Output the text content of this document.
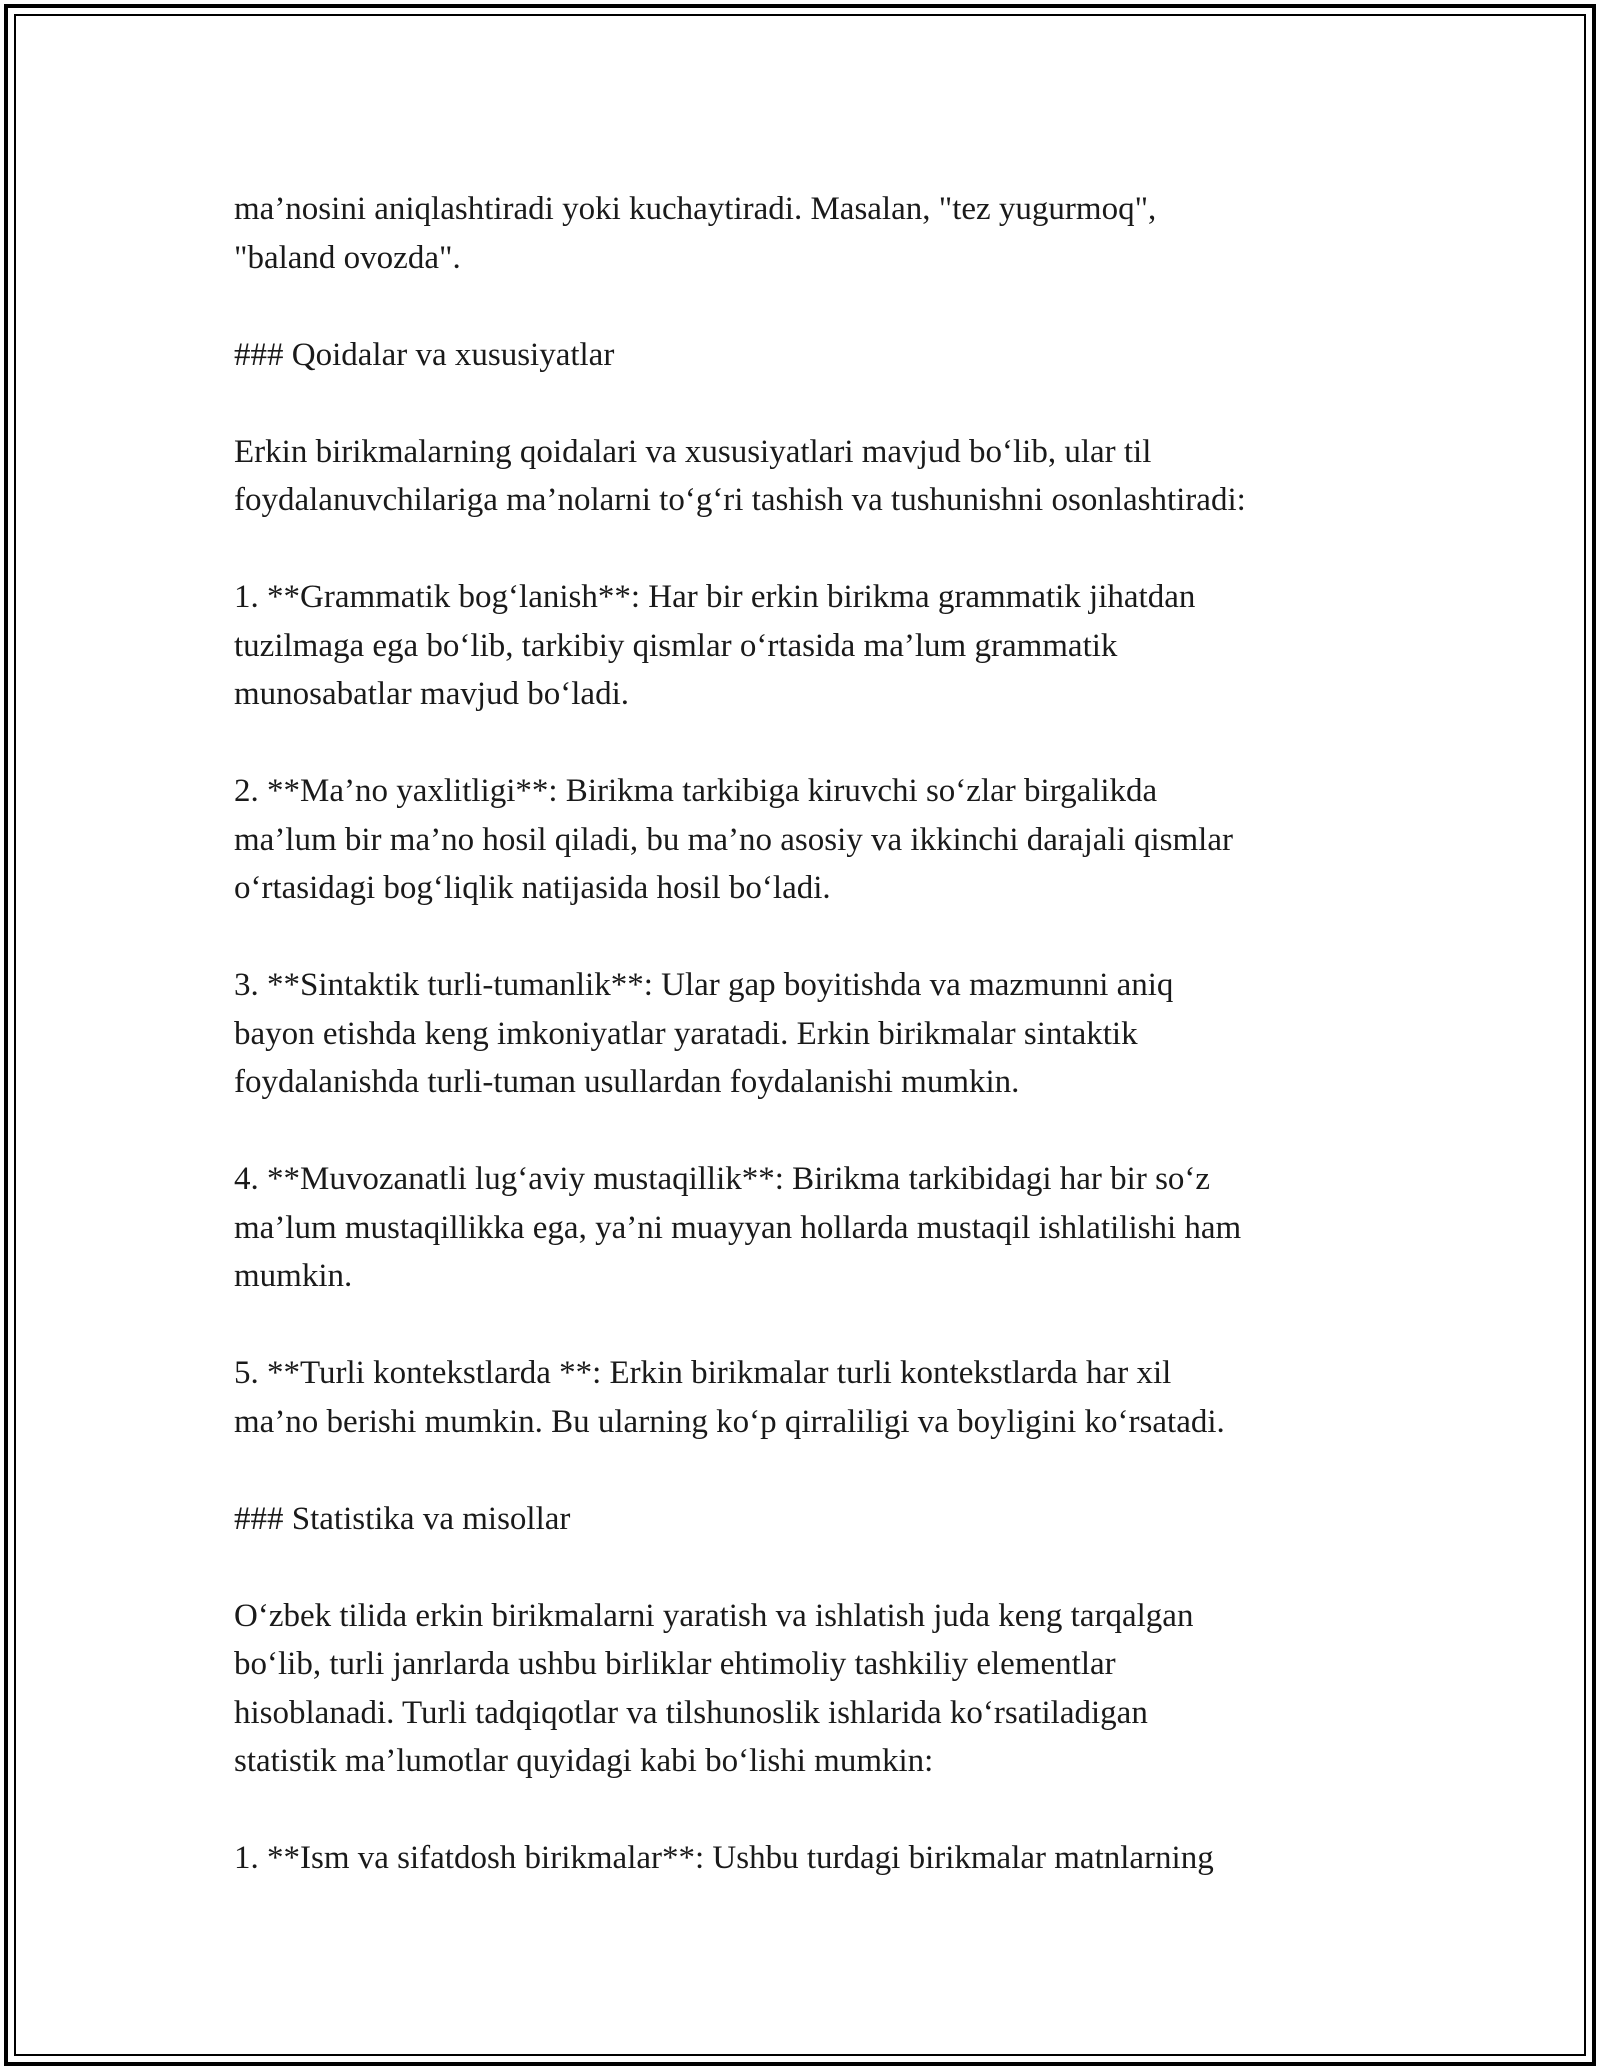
ma’nosini aniqlashtiradi yoki kuchaytiradi. Masalan, "tez yugurmoq",
"baland ovozda".

### Qoidalar va xususiyatlar

Erkin birikmalarning qoidalari va xususiyatlari mavjud bo‘lib, ular til
foydalanuvchilariga ma’nolarni to‘g‘ri tashish va tushunishni osonlashtiradi:

1. **Grammatik bog‘lanish**: Har bir erkin birikma grammatik jihatdan
tuzilmaga ega bo‘lib, tarkibiy qismlar o‘rtasida ma’lum grammatik
munosabatlar mavjud bo‘ladi.

2. **Ma’no yaxlitligi**: Birikma tarkibiga kiruvchi so‘zlar birgalikda
ma’lum bir ma’no hosil qiladi, bu ma’no asosiy va ikkinchi darajali qismlar
o‘rtasidagi bog‘liqlik natijasida hosil bo‘ladi.

3. **Sintaktik turli-tumanlik**: Ular gap boyitishda va mazmunni aniq
bayon etishda keng imkoniyatlar yaratadi. Erkin birikmalar sintaktik
foydalanishda turli-tuman usullardan foydalanishi mumkin.

4. **Muvozanatli lug‘aviy mustaqillik**: Birikma tarkibidagi har bir so‘z
ma’lum mustaqillikka ega, ya’ni muayyan hollarda mustaqil ishlatilishi ham
mumkin.

5. **Turli kontekstlarda **: Erkin birikmalar turli kontekstlarda har xil
ma’no berishi mumkin. Bu ularning ko‘p qirraliligi va boyligini ko‘rsatadi.

### Statistika va misollar

O‘zbek tilida erkin birikmalarni yaratish va ishlatish juda keng tarqalgan
bo‘lib, turli janrlarda ushbu birliklar ehtimoliy tashkiliy elementlar
hisoblanadi. Turli tadqiqotlar va tilshunoslik ishlarida ko‘rsatiladigan
statistik ma’lumotlar quyidagi kabi bo‘lishi mumkin:

1. **Ism va sifatdosh birikmalar**: Ushbu turdagi birikmalar matnlarning
